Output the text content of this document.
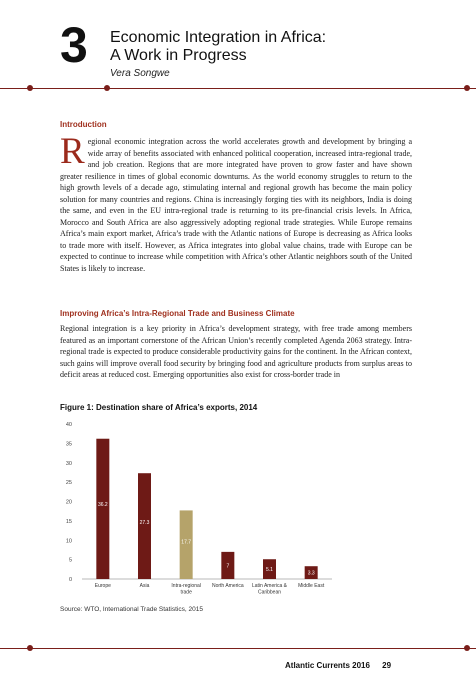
3 Economic Integration in Africa:
A Work in Progress
Vera Songwe
Introduction
Regional economic integration across the world accelerates growth and development by bringing a wide array of benefits associated with enhanced political cooperation, increased intra-regional trade, and job creation. Regions that are more integrated have proven to grow faster and have shown greater resilience in times of global economic downturns. As the world economy struggles to return to the high growth levels of a decade ago, stimulating internal and regional growth has become the main policy solution for many countries and regions. China is increasingly forging ties with its neighbors, India is doing the same, and even in the EU intra-regional trade is returning to its pre-financial crisis levels. In Africa, Morocco and South Africa are also aggressively adopting regional trade strategies. While Europe remains Africa’s main export market, Africa’s trade with the Atlantic nations of Europe is decreasing as Africa looks to trade more with itself. However, as Africa integrates into global value chains, trade with Europe can be expected to continue to increase while competition with Africa’s other Atlantic neighbors south of the United States is likely to increase.
Improving Africa’s Intra-Regional Trade and Business Climate
Regional integration is a key priority in Africa’s development strategy, with free trade among members featured as an important cornerstone of the African Union’s recently completed Agenda 2063 strategy. Intra-regional trade is expected to produce considerable productivity gains for the continent. In the African context, such gains will improve overall food security by bringing food and agriculture products from surplus areas to deficit areas at reduced cost. Emerging opportunities also exist for cross-border trade in
Figure 1: Destination share of Africa’s exports, 2014
0
5
10
15
20
25
30
35
40
36.2
27.3
17.7
7
5.1
3.3
Europe	Asia	Intra-regional
trade
North America Latin America &
Caribbean
Middle East
Source: WTO, International Trade Statistics, 2015
Atlantic Currents 2016 29
